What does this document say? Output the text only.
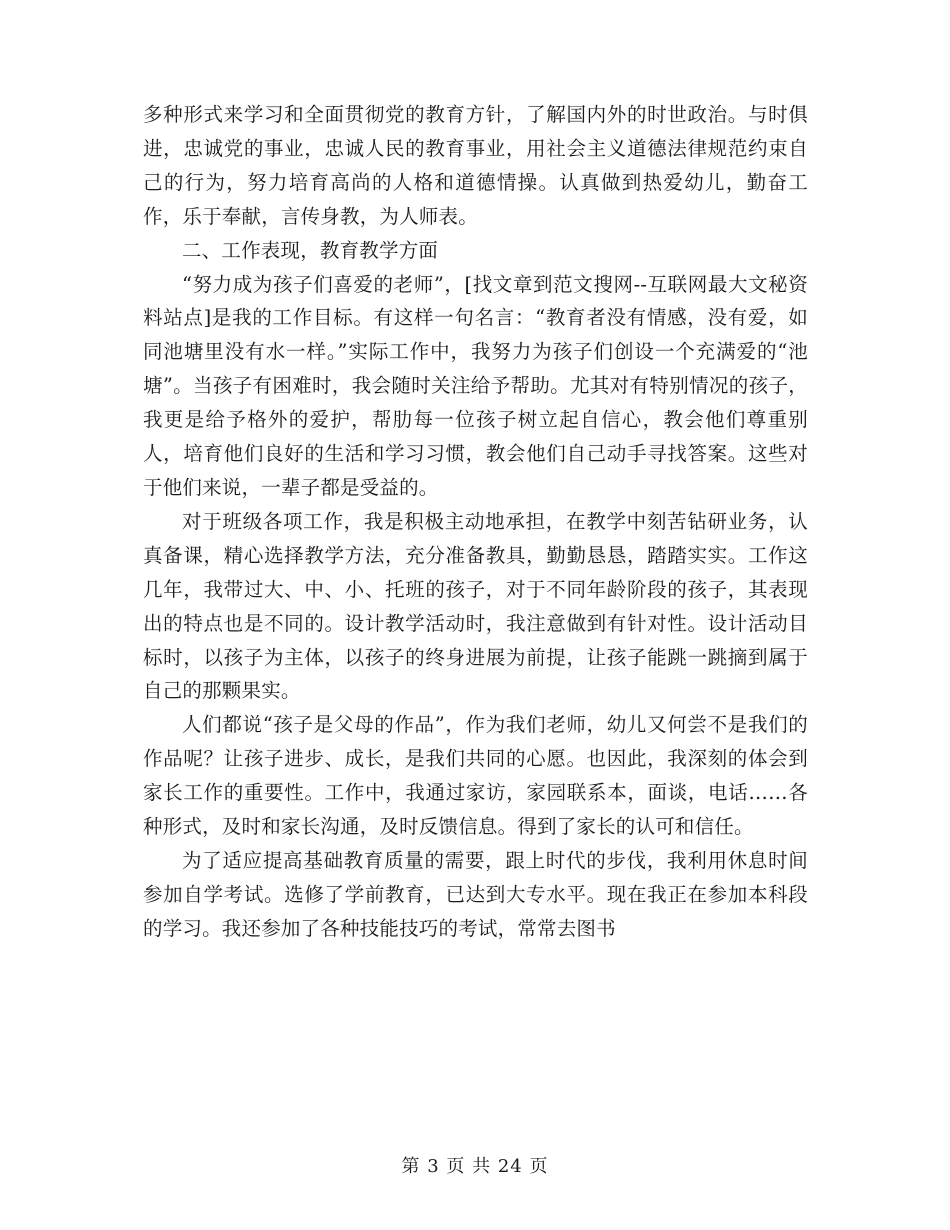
多种形式来学习和全面贯彻党的教育方针，了解国内外的时世政治。与时俱进，忠诚党的事业，忠诚人民的教育事业，用社会主义道德法律规范约束自己的行为，努力培育高尚的人格和道德情操。认真做到热爱幼儿，勤奋工作，乐于奉献，言传身教，为人师表。

二、工作表现，教育教学方面

“努力成为孩子们喜爱的老师”，[找文章到范文搜网--互联网最大文秘资料站点]是我的工作目标。有这样一句名言：“教育者没有情感，没有爱，如同池塘里没有水一样。”实际工作中，我努力为孩子们创设一个充满爱的“池塘”。当孩子有困难时，我会随时关注给予帮助。尤其对有特别情况的孩子，我更是给予格外的爱护，帮肋每一位孩子树立起自信心，教会他们尊重别人，培育他们良好的生活和学习习惯，教会他们自己动手寻找答案。这些对于他们来说，一辈子都是受益的。

对于班级各项工作，我是积极主动地承担，在教学中刻苦钻研业务，认真备课，精心选择教学方法，充分准备教具，勤勤恳恳，踏踏实实。工作这几年，我带过大、中、小、托班的孩子，对于不同年龄阶段的孩子，其表现出的特点也是不同的。设计教学活动时，我注意做到有针对性。设计活动目标时，以孩子为主体，以孩子的终身进展为前提，让孩子能跳一跳摘到属于自己的那颗果实。

人们都说“孩子是父母的作品”，作为我们老师，幼儿又何尝不是我们的作品呢？让孩子进步、成长，是我们共同的心愿。也因此，我深刻的体会到家长工作的重要性。工作中，我通过家访，家园联系本，面谈，电话……各种形式，及时和家长沟通，及时反馈信息。得到了家长的认可和信任。

为了适应提高基础教育质量的需要，跟上时代的步伐，我利用休息时间参加自学考试。选修了学前教育，已达到大专水平。现在我正在参加本科段的学习。我还参加了各种技能技巧的考试，常常去图书

第 3 页 共 24 页
